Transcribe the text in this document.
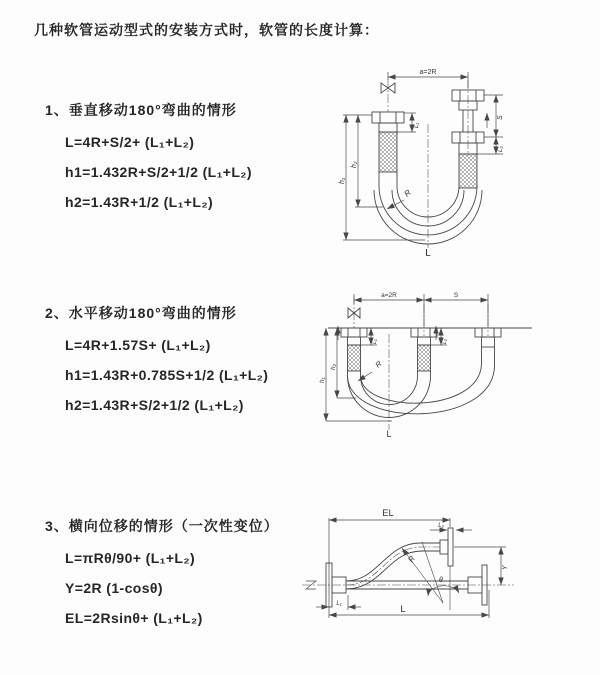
几种软管运动型式的安装方式时，软管的长度计算：

1、垂直移动180°弯曲的情形

L=4R+S/2+ (L₁+L₂)

h1=1.432R+S/2+1/2 (L₁+L₂)

h2=1.43R+1/2 (L₁+L₂)

a=2R
h₁
h₂
S
L₂
L₁
R
L

2、水平移动180°弯曲的情形

L=4R+1.57S+ (L₁+L₂)

h1=1.43R+0.785S+1/2 (L₁+L₂)

h2=1.43R+S/2+1/2 (L₁+L₂)

a=2R	S
h₁
h₂
L₁	L₂
R
L

3、横向位移的情形（一次性变位）

L=πRθ/90+ (L₁+L₂)

Y=2R (1-cosθ)

EL=2Rsinθ+ (L₁+L₂)

EL
L₂
Y
R
θ
L
L₁
